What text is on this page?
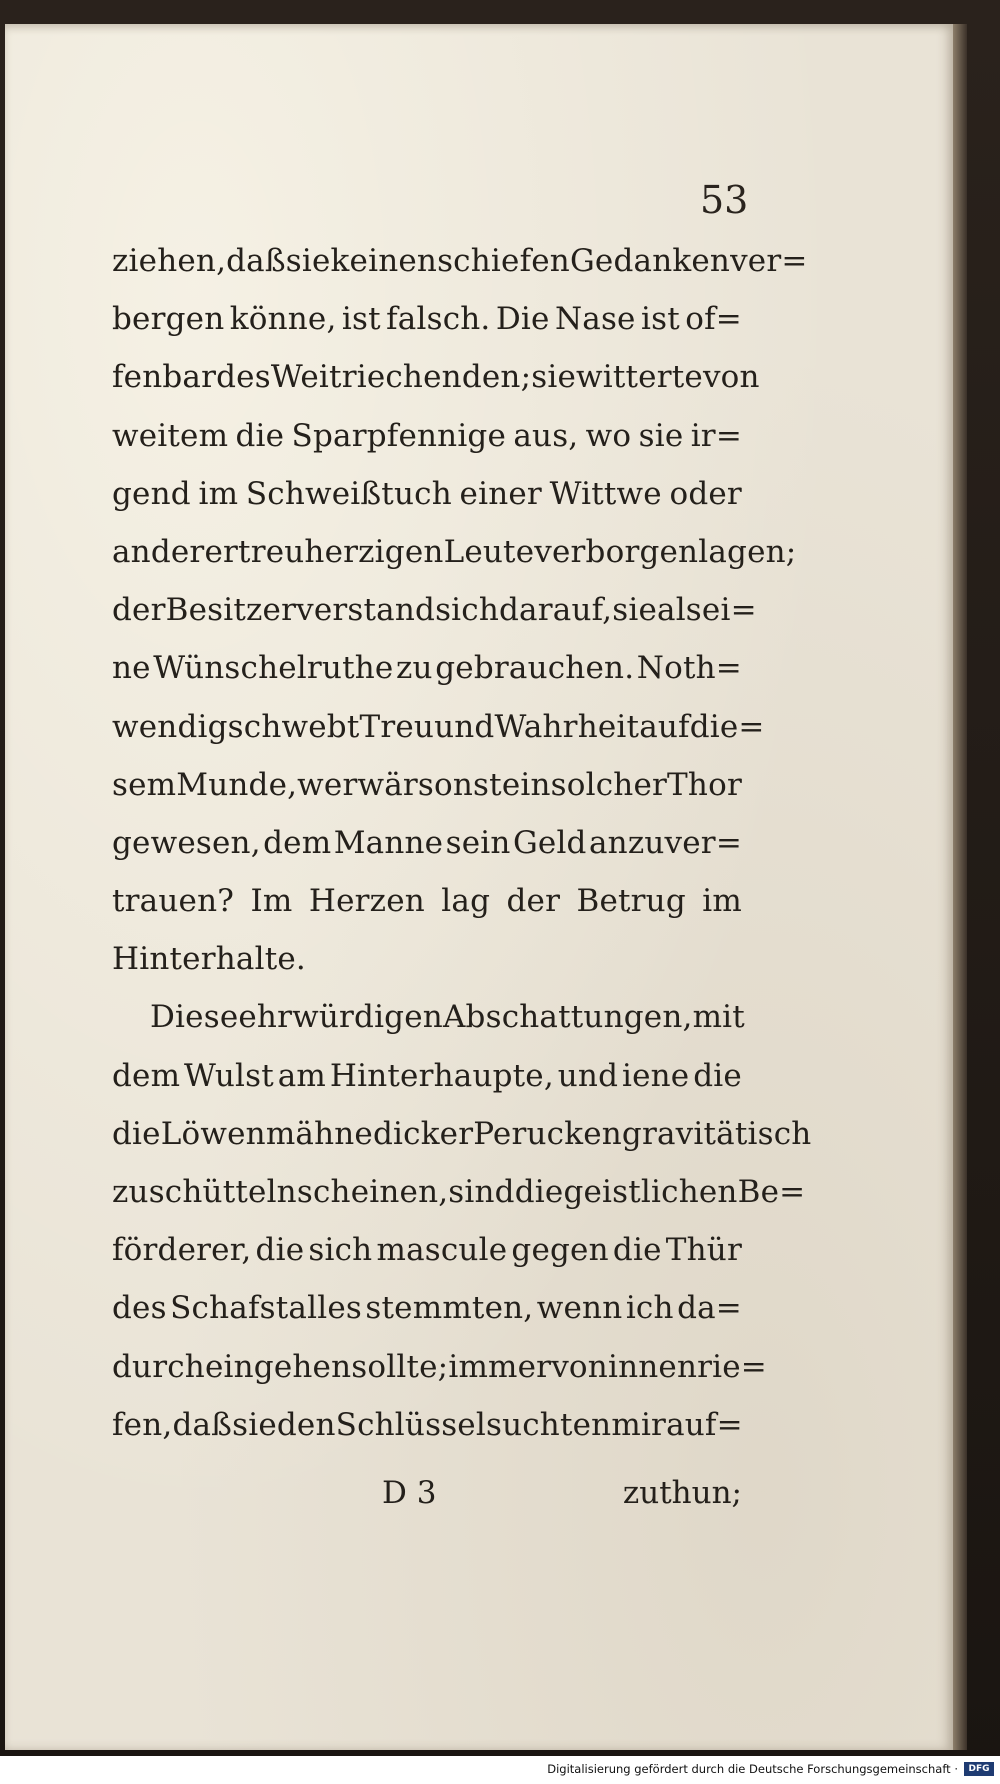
53
ziehen, daß sie keinen schiefen Gedanken ver=
bergen könne, ist falsch. Die Nase ist of=
fenbar des Weitriechenden; sie witterte von
weitem die Sparpfennige aus, wo sie ir=
gend im Schweißtuch einer Wittwe oder
anderer treuherzigen Leute verborgen lagen;
der Besitzer verstand sich darauf, sie als ei=
ne Wünschelruthe zu gebrauchen. Noth=
wendig schwebt Treu und Wahrheit auf die=
sem Munde, wer wär sonst ein solcher Thor
gewesen, dem Manne sein Geld anzuver=
trauen? Im Herzen lag der Betrug im
Hinterhalte.
Diese ehrwürdigen Abschattungen, mit
dem Wulst am Hinterhaupte, und iene die
die Löwenmähne dicker Perucken gravitätisch
zu schütteln scheinen, sind die geistlichen Be=
förderer, die sich mascule gegen die Thür
des Schafstalles stemmten, wenn ich da=
durch eingehen sollte; immer von innen rie=
fen, daß sie den Schlüssel suchten mir auf=
D 3	zuthun;
Digitalisierung gefördert durch die Deutsche Forschungsgemeinschaft ·	DFG
